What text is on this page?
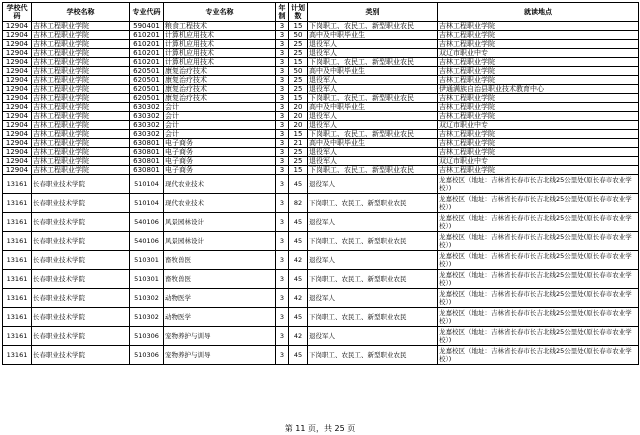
学校代码	学校名称	专业代码	专业名称	年制	计划数	类别	就读地点
12904	吉林工程职业学院	590401	粮食工程技术	3	15	下岗职工、农民工、新型职业农民	吉林工程职业学院
12904	吉林工程职业学院	610201	计算机应用技术	3	50	高中及中职毕业生	吉林工程职业学院
12904	吉林工程职业学院	610201	计算机应用技术	3	25	退役军人	吉林工程职业学院
12904	吉林工程职业学院	610201	计算机应用技术	3	25	退役军人	双辽市职业中专
12904	吉林工程职业学院	610201	计算机应用技术	3	15	下岗职工、农民工、新型职业农民	吉林工程职业学院
12904	吉林工程职业学院	620501	康复治疗技术	3	50	高中及中职毕业生	吉林工程职业学院
12904	吉林工程职业学院	620501	康复治疗技术	3	25	退役军人	吉林工程职业学院
12904	吉林工程职业学院	620501	康复治疗技术	3	25	退役军人	伊通满族自治县职业技术教育中心
12904	吉林工程职业学院	620501	康复治疗技术	3	15	下岗职工、农民工、新型职业农民	吉林工程职业学院
12904	吉林工程职业学院	630302	会计	3	20	高中及中职毕业生	吉林工程职业学院
12904	吉林工程职业学院	630302	会计	3	20	退役军人	吉林工程职业学院
12904	吉林工程职业学院	630302	会计	3	20	退役军人	双辽市职业中专
12904	吉林工程职业学院	630302	会计	3	15	下岗职工、农民工、新型职业农民	吉林工程职业学院
12904	吉林工程职业学院	630801	电子商务	3	21	高中及中职毕业生	吉林工程职业学院
12904	吉林工程职业学院	630801	电子商务	3	25	退役军人	吉林工程职业学院
12904	吉林工程职业学院	630801	电子商务	3	25	退役军人	双辽市职业中专
12904	吉林工程职业学院	630801	电子商务	3	15	下岗职工、农民工、新型职业农民	吉林工程职业学院
13161	长春职业技术学院	510104	现代农业技术	3	45	退役军人	龙嘉校区（地址：吉林省长春市长吉北线25公里处(原长春市农业学校）)
13161	长春职业技术学院	510104	现代农业技术	3	82	下岗职工、农民工、新型职业农民	龙嘉校区（地址：吉林省长春市长吉北线25公里处(原长春市农业学校）)
13161	长春职业技术学院	540106	风景园林设计	3	45	退役军人	龙嘉校区（地址：吉林省长春市长吉北线25公里处(原长春市农业学校）)
13161	长春职业技术学院	540106	风景园林设计	3	45	下岗职工、农民工、新型职业农民	龙嘉校区（地址：吉林省长春市长吉北线25公里处(原长春市农业学校）)
13161	长春职业技术学院	510301	畜牧兽医	3	42	退役军人	龙嘉校区（地址：吉林省长春市长吉北线25公里处(原长春市农业学校）)
13161	长春职业技术学院	510301	畜牧兽医	3	45	下岗职工、农民工、新型职业农民	龙嘉校区（地址：吉林省长春市长吉北线25公里处(原长春市农业学校）)
13161	长春职业技术学院	510302	动物医学	3	42	退役军人	龙嘉校区（地址：吉林省长春市长吉北线25公里处(原长春市农业学校）)
13161	长春职业技术学院	510302	动物医学	3	45	下岗职工、农民工、新型职业农民	龙嘉校区（地址：吉林省长春市长吉北线25公里处(原长春市农业学校）)
13161	长春职业技术学院	510306	宠物养护与训导	3	42	退役军人	龙嘉校区（地址：吉林省长春市长吉北线25公里处(原长春市农业学校）)
13161	长春职业技术学院	510306	宠物养护与训导	3	45	下岗职工、农民工、新型职业农民	龙嘉校区（地址：吉林省长春市长吉北线25公里处(原长春市农业学校）)
第 11 页，共 25 页
